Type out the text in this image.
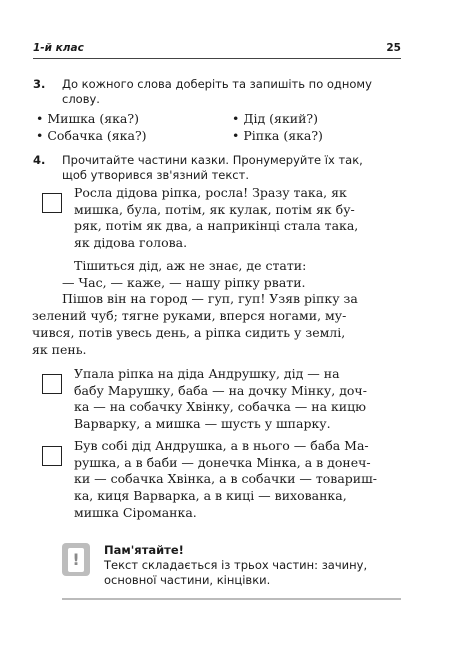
1-й клас	25
3. До кожного слова доберіть та запишіть по одному
слову.
• Мишка (яка?)	• Дід (який?)
• Собачка (яка?)	• Ріпка (яка?)
4. Прочитайте частини казки. Пронумеруйте їх так,
щоб утворився зв'язний текст.
Росла дідова ріпка, росла! Зразу така, як
мишка, була, потім, як кулак, потім як бу-
ряк, потім як два, а наприкінці стала така,
як дідова голова.
Тішиться дід, аж не знає, де стати:
— Час, — каже, — нашу ріпку рвати.
Пішов він на город — гуп, гуп! Узяв ріпку за
зелений чуб; тягне руками, вперся ногами, му-
чився, потів увесь день, а ріпка сидить у землі,
як пень.
Упала ріпка на діда Андрушку, дід — на
бабу Марушку, баба — на дочку Мінку, доч-
ка — на собачку Хвінку, собачка — на кицю
Варварку, а мишка — шусть у шпарку.
Був собі дід Андрушка, а в нього — баба Ма-
рушка, а в баби — донечка Мінка, а в донеч-
ки — собачка Хвінка, а в собачки — товариш-
ка, киця Варварка, а в киці — вихованка,
мишка Сіроманка.
!	Пам'ятайте!
Текст складається із трьох частин: зачину,
основної частини, кінцівки.
